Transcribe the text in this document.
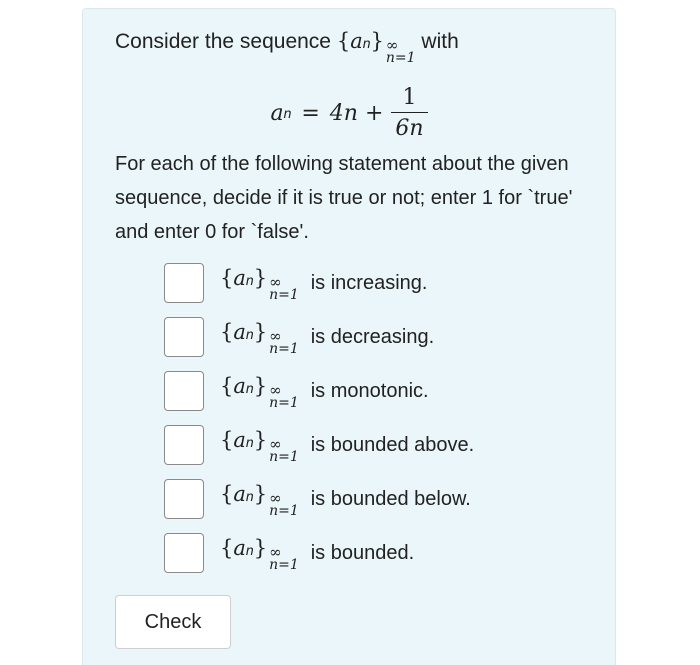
Consider the sequence { a n } ∞
n=1
with
a $n = 4n + \frac{1}{6n}$
For each of the following statement about the given sequence, decide if it is true or not; enter 1 for `true' and enter 0 for `false'.
{ a n } ∞
n=1
is increasing.
{ a n } ∞
n=1
is decreasing.
{ a n } ∞
n=1
is monotonic.
{ a n } ∞
n=1
is bounded above.
{ a n } ∞
n=1
is bounded below.
{ a n } ∞
n=1
is bounded.
Check
